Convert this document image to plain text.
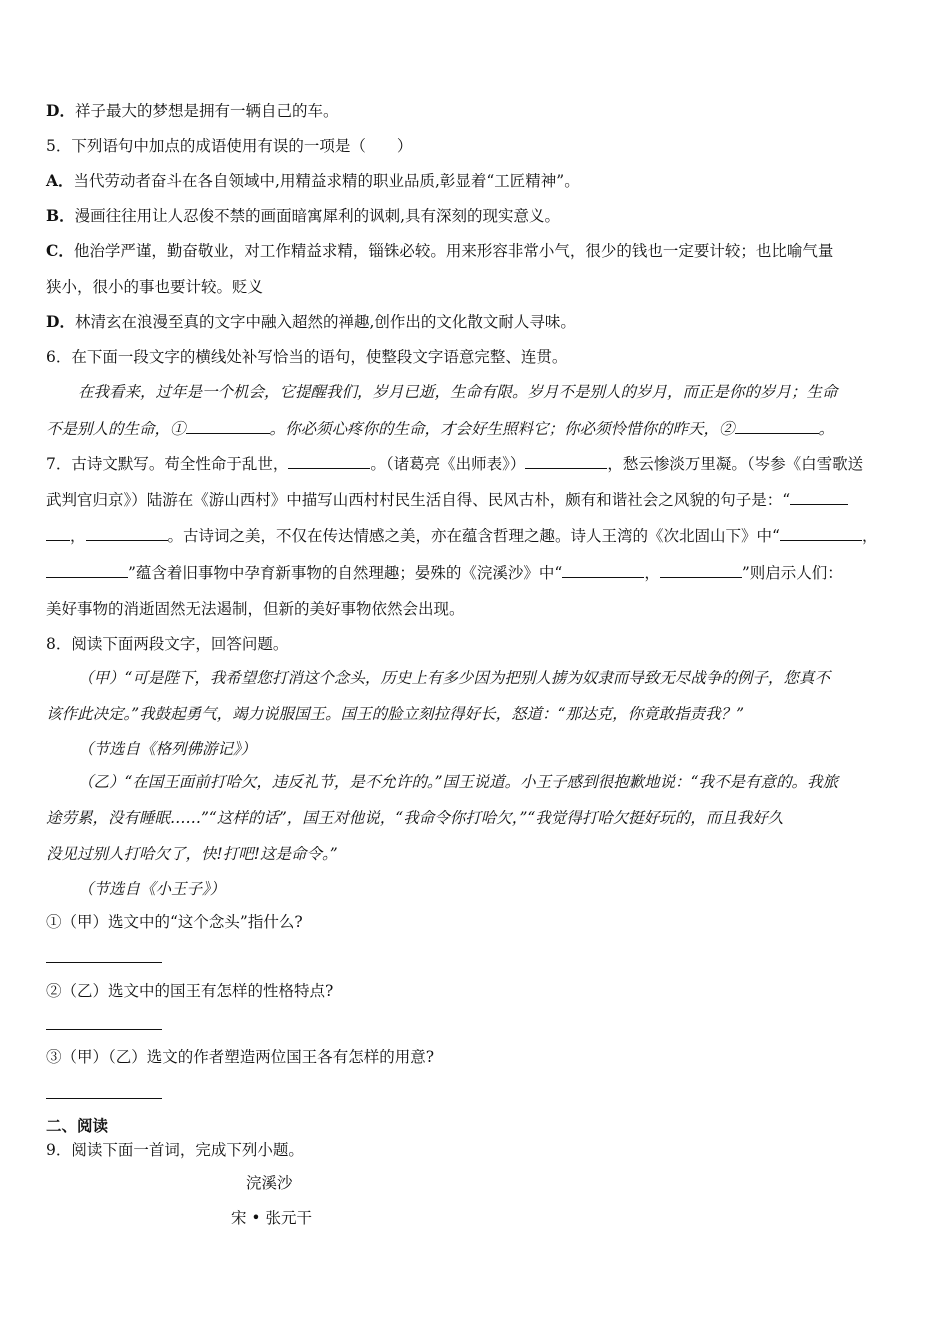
D．祥子最大的梦想是拥有一辆自己的车。
5．下列语句中加点的成语使用有误的一项是（　　）
A．当代劳动者奋斗在各自领域中,用精益求精的职业品质,彰显着“工匠精神”。
B．漫画往往用让人忍俊不禁的画面暗寓犀利的讽刺,具有深刻的现实意义。
C．他治学严谨，勤奋敬业，对工作精益求精，锱铢必较。用来形容非常小气，很少的钱也一定要计较；也比喻气量
狭小，很小的事也要计较。贬义
D．林清玄在浪漫至真的文字中融入超然的禅趣,创作出的文化散文耐人寻味。
6．在下面一段文字的横线处补写恰当的语句，使整段文字语意完整、连贯。
在我看来，过年是一个机会，它提醒我们，岁月已逝，生命有限。岁月不是别人的岁月，而正是你的岁月；生命
不是别人的生命，①	。你必须心疼你的生命，才会好生照料它；你必须怜惜你的昨天，②	。
7．古诗文默写。苟全性命于乱世，	。（诸葛亮《出师表》）	，愁云惨淡万里凝。（岑参《白雪歌送
武判官归京》）陆游在《游山西村》中描写山西村村民生活自得、民风古朴，颇有和谐社会之风貌的句子是：“
，	。古诗词之美，不仅在传达情感之美，亦在蕴含哲理之趣。诗人王湾的《次北固山下》中“	，
”蕴含着旧事物中孕育新事物的自然理趣；晏殊的《浣溪沙》中“	，	”则启示人们：
美好事物的消逝固然无法遏制，但新的美好事物依然会出现。
8．阅读下面两段文字，回答问题。
（甲）“可是陛下，我希望您打消这个念头，历史上有多少因为把别人掳为奴隶而导致无尽战争的例子，您真不
该作此决定。”我鼓起勇气，竭力说服国王。国王的脸立刻拉得好长，怒道：“那达克，你竟敢指责我？”
（节选自《格列佛游记》）
（乙）“在国王面前打哈欠，违反礼节，是不允许的。”国王说道。小王子感到很抱歉地说：“我不是有意的。我旅
途劳累，没有睡眠……”“这样的话”，国王对他说，“我命令你打哈欠，”“我觉得打哈欠挺好玩的，而且我好久
没见过别人打哈欠了，快!打吧!这是命令。”
（节选自《小王子》）
①（甲）选文中的“这个念头”指什么?
②（乙）选文中的国王有怎样的性格特点?
③（甲）（乙）选文的作者塑造两位国王各有怎样的用意?
二、阅读
9．阅读下面一首词，完成下列小题。
浣溪沙
宋 • 张元干
